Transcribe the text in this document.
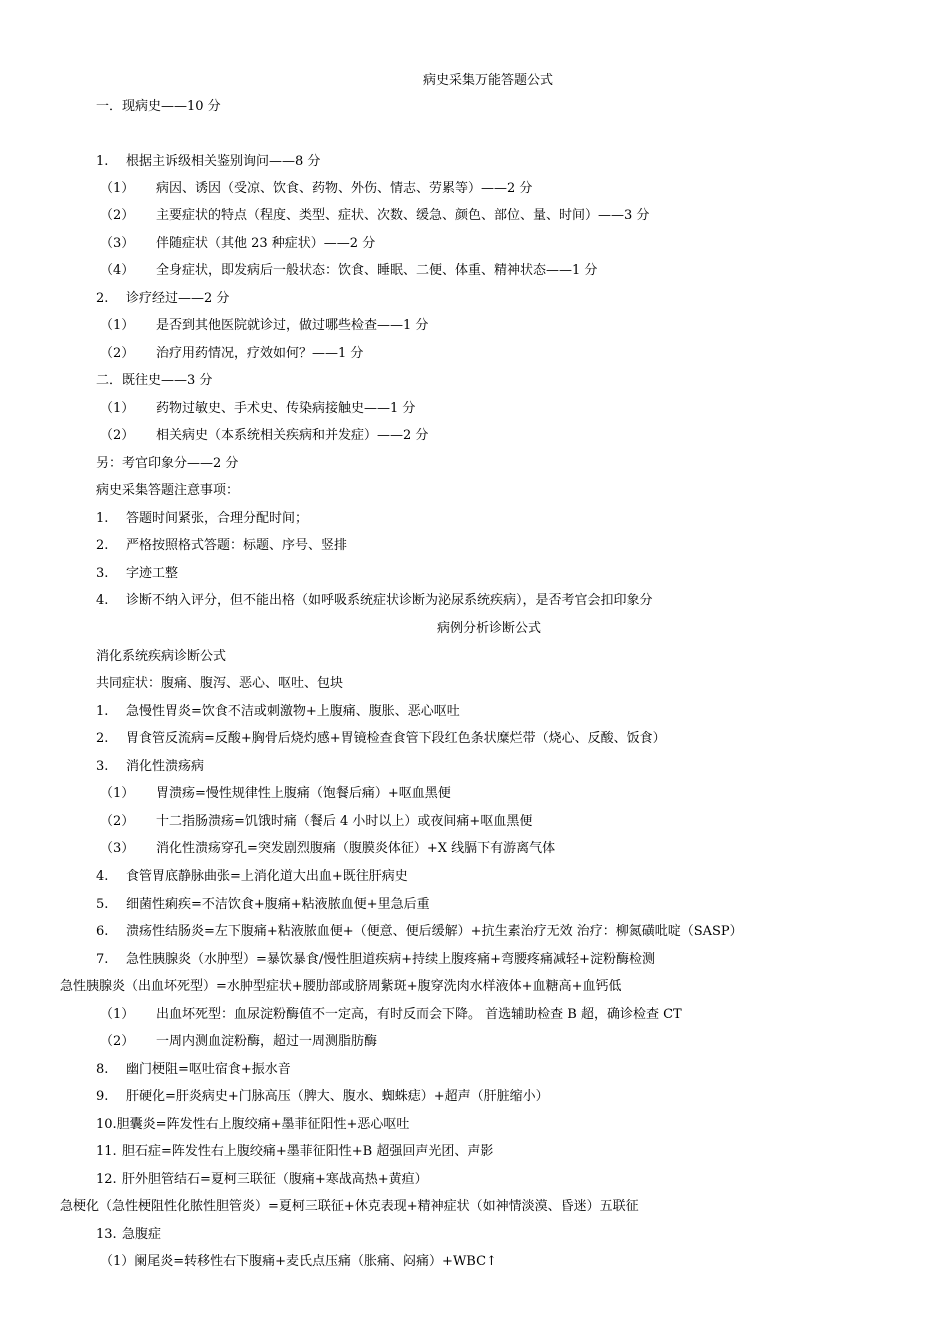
病史采集万能答题公式
一．现病史——10 分
1. 根据主诉级相关鉴别询问——8 分
（1） 病因、诱因（受凉、饮食、药物、外伤、情志、劳累等）——2 分
（2） 主要症状的特点（程度、类型、症状、次数、缓急、颜色、部位、量、时间）——3 分
（3） 伴随症状（其他 23 种症状）——2 分
（4） 全身症状，即发病后一般状态：饮食、睡眠、二便、体重、精神状态——1 分
2. 诊疗经过——2 分
（1） 是否到其他医院就诊过，做过哪些检查——1 分
（2） 治疗用药情况，疗效如何？——1 分
二．既往史——3 分
（1） 药物过敏史、手术史、传染病接触史——1 分
（2） 相关病史（本系统相关疾病和并发症）——2 分
另：考官印象分——2 分
病史采集答题注意事项：
1. 答题时间紧张，合理分配时间；
2. 严格按照格式答题：标题、序号、竖排
3. 字迹工整
4. 诊断不纳入评分，但不能出格（如呼吸系统症状诊断为泌尿系统疾病），是否考官会扣印象分
病例分析诊断公式
消化系统疾病诊断公式
共同症状：腹痛、腹泻、恶心、呕吐、包块
1. 急慢性胃炎=饮食不洁或刺激物+上腹痛、腹胀、恶心呕吐
2. 胃食管反流病=反酸+胸骨后烧灼感+胃镜检查食管下段红色条状糜烂带（烧心、反酸、饭食）
3. 消化性溃疡病
（1） 胃溃疡=慢性规律性上腹痛（饱餐后痛）+呕血黑便
（2） 十二指肠溃疡=饥饿时痛（餐后 4 小时以上）或夜间痛+呕血黑便
（3） 消化性溃疡穿孔=突发剧烈腹痛（腹膜炎体征）+X 线膈下有游离气体
4. 食管胃底静脉曲张=上消化道大出血+既往肝病史
5. 细菌性痢疾=不洁饮食+腹痛+粘液脓血便+里急后重
6. 溃疡性结肠炎=左下腹痛+粘液脓血便+（便意、便后缓解）+抗生素治疗无效 治疗：柳氮磺吡啶（SASP）
7. 急性胰腺炎（水肿型）=暴饮暴食/慢性胆道疾病+持续上腹疼痛+弯腰疼痛减轻+淀粉酶检测
急性胰腺炎（出血坏死型）=水肿型症状+腰肋部或脐周紫斑+腹穿洗肉水样液体+血糖高+血钙低
（1） 出血坏死型：血尿淀粉酶值不一定高，有时反而会下降。 首选辅助检查 B 超，确诊检查 CT
（2） 一周内测血淀粉酶，超过一周测脂肪酶
8. 幽门梗阻=呕吐宿食+振水音
9. 肝硬化=肝炎病史+门脉高压（脾大、腹水、蜘蛛痣）+超声（肝脏缩小）
10.胆囊炎=阵发性右上腹绞痛+墨菲征阳性+恶心呕吐
11. 胆石症=阵发性右上腹绞痛+墨菲征阳性+B 超强回声光团、声影
12. 肝外胆管结石=夏柯三联征（腹痛+寒战高热+黄疸）
急梗化（急性梗阻性化脓性胆管炎）=夏柯三联征+休克表现+精神症状（如神情淡漠、昏迷）五联征
13. 急腹症
（1）阑尾炎=转移性右下腹痛+麦氏点压痛（胀痛、闷痛）+WBC↑
